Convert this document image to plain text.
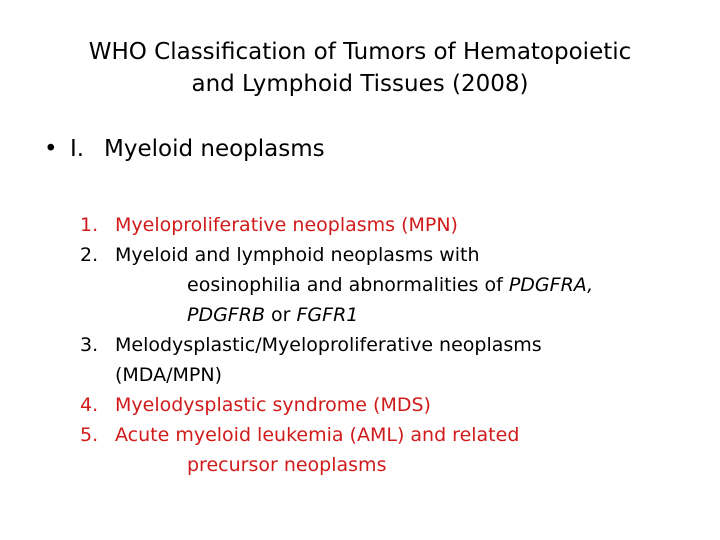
WHO Classification of Tumors of Hematopoietic
and Lymphoid Tissues (2008)
• I. Myeloid neoplasms
1. Myeloproliferative neoplasms (MPN)
2. Myeloid and lymphoid neoplasms with
eosinophilia and abnormalities of PDGFRA,
PDGFRB or FGFR1
3. Melodysplastic/Myeloproliferative neoplasms
(MDA/MPN)
4. Myelodysplastic syndrome (MDS)
5. Acute myeloid leukemia (AML) and related
precursor neoplasms
